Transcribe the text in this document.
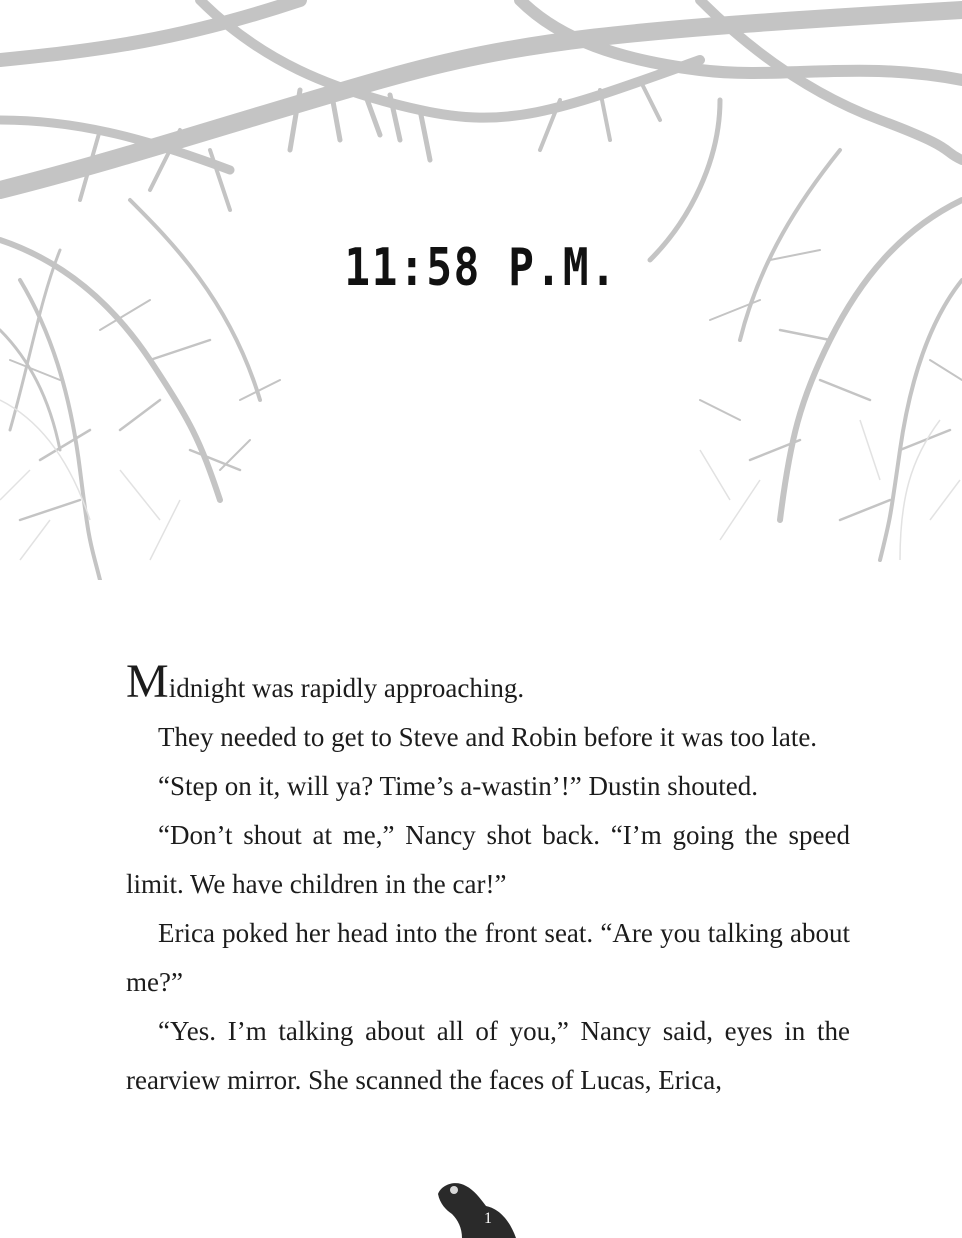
11:58 P.M.

Midnight was rapidly approaching.

They needed to get to Steve and Robin before it was too late.

“Step on it, will ya? Time’s a-wastin’!” Dustin shouted.

“Don’t shout at me,” Nancy shot back. “I’m going the speed limit. We have children in the car!”

Erica poked her head into the front seat. “Are you talking about me?”

“Yes. I’m talking about all of you,” Nancy said, eyes in the rearview mirror. She scanned the faces of Lucas, Erica,

1
